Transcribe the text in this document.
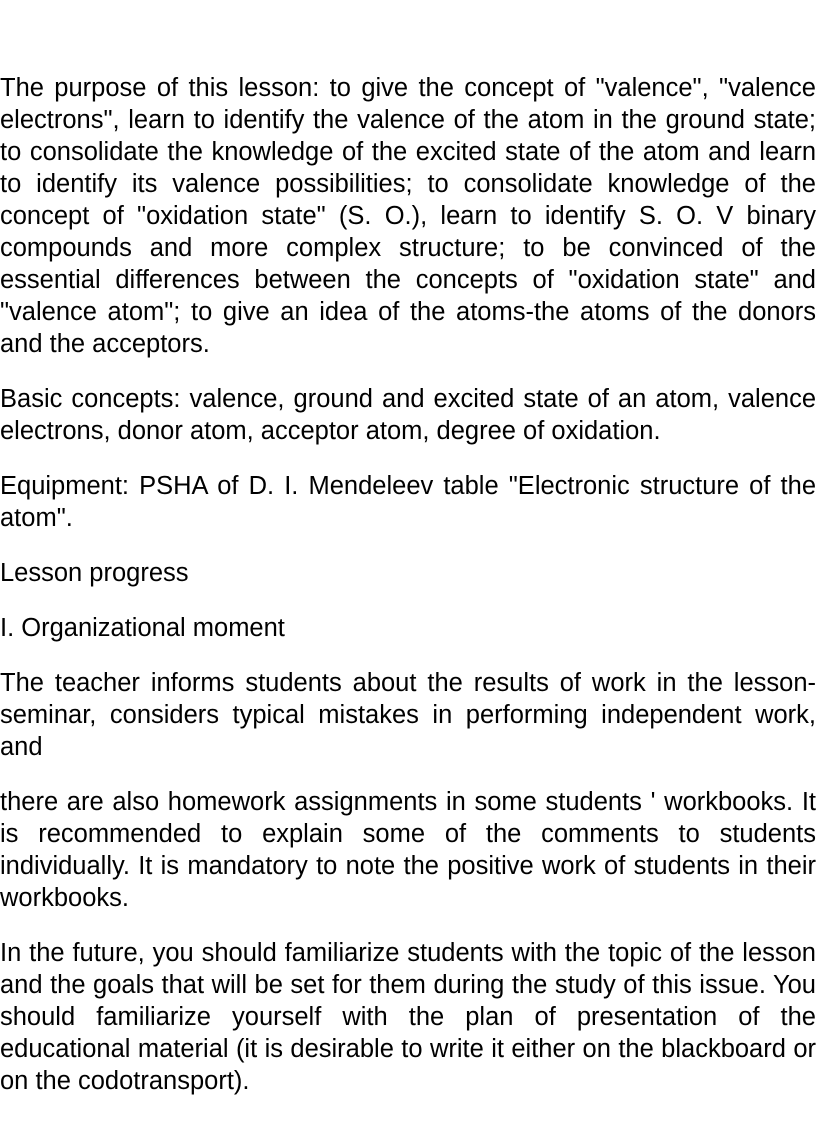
The purpose of this lesson: to give the concept of "valence", "valence electrons", learn to identify the valence of the atom in the ground state; to consolidate the knowledge of the excited state of the atom and learn to identify its valence possibilities; to consolidate knowledge of the concept of "oxidation state" (S. O.), learn to identify S. O. V binary compounds and more complex structure; to be convinced of the essential differences between the concepts of "oxidation state" and "valence atom"; to give an idea of the atoms-the atoms of the donors and the acceptors.

Basic concepts: valence, ground and excited state of an atom, valence electrons, donor atom, acceptor atom, degree of oxidation.

Equipment: PSHA of D. I. Mendeleev table "Electronic structure of the atom".

Lesson progress

I. Organizational moment

The teacher informs students about the results of work in the lesson-seminar, considers typical mistakes in performing independent work, and

there are also homework assignments in some students ' workbooks. It is recommended to explain some of the comments to students individually. It is mandatory to note the positive work of students in their workbooks.

In the future, you should familiarize students with the topic of the lesson and the goals that will be set for them during the study of this issue. You should familiarize yourself with the plan of presentation of the educational material (it is desirable to write it either on the blackboard or on the codotransport).
